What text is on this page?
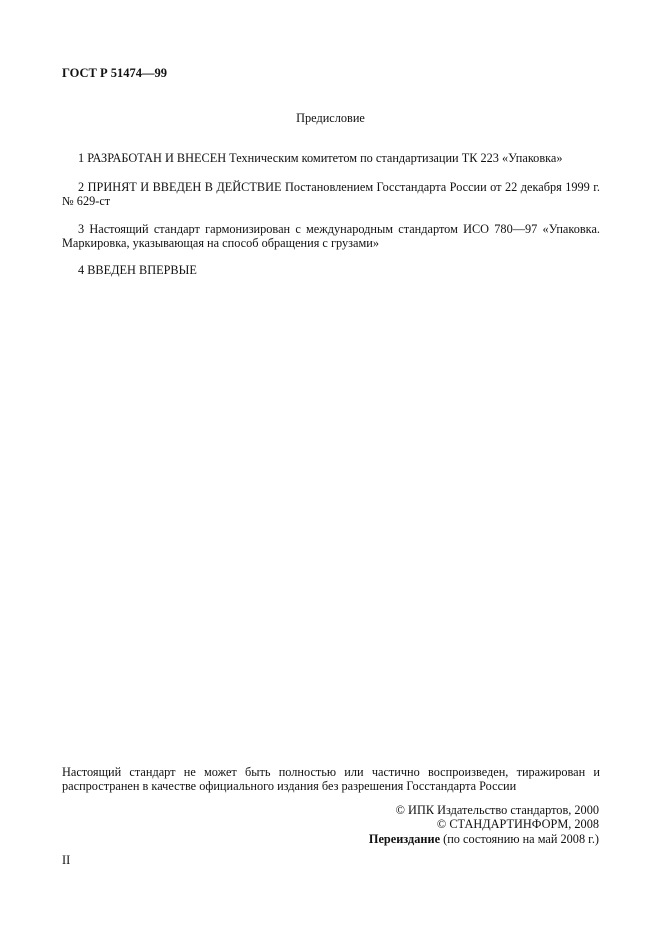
ГОСТ Р 51474—99
Предисловие
1 РАЗРАБОТАН И ВНЕСЕН Техническим комитетом по стандартизации ТК 223 «Упаковка»
2 ПРИНЯТ И ВВЕДЕН В ДЕЙСТВИЕ Постановлением Госстандарта России от 22 декабря 1999 г. № 629-ст
3 Настоящий стандарт гармонизирован с международным стандартом ИСО 780—97 «Упаковка. Маркировка, указывающая на способ обращения с грузами»
4 ВВЕДЕН ВПЕРВЫЕ
Настоящий стандарт не может быть полностью или частично воспроизведен, тиражирован и распространен в качестве официального издания без разрешения Госстандарта России
© ИПК Издательство стандартов, 2000
© СТАНДАРТИНФОРМ, 2008
Переиздание (по состоянию на май 2008 г.)
II
